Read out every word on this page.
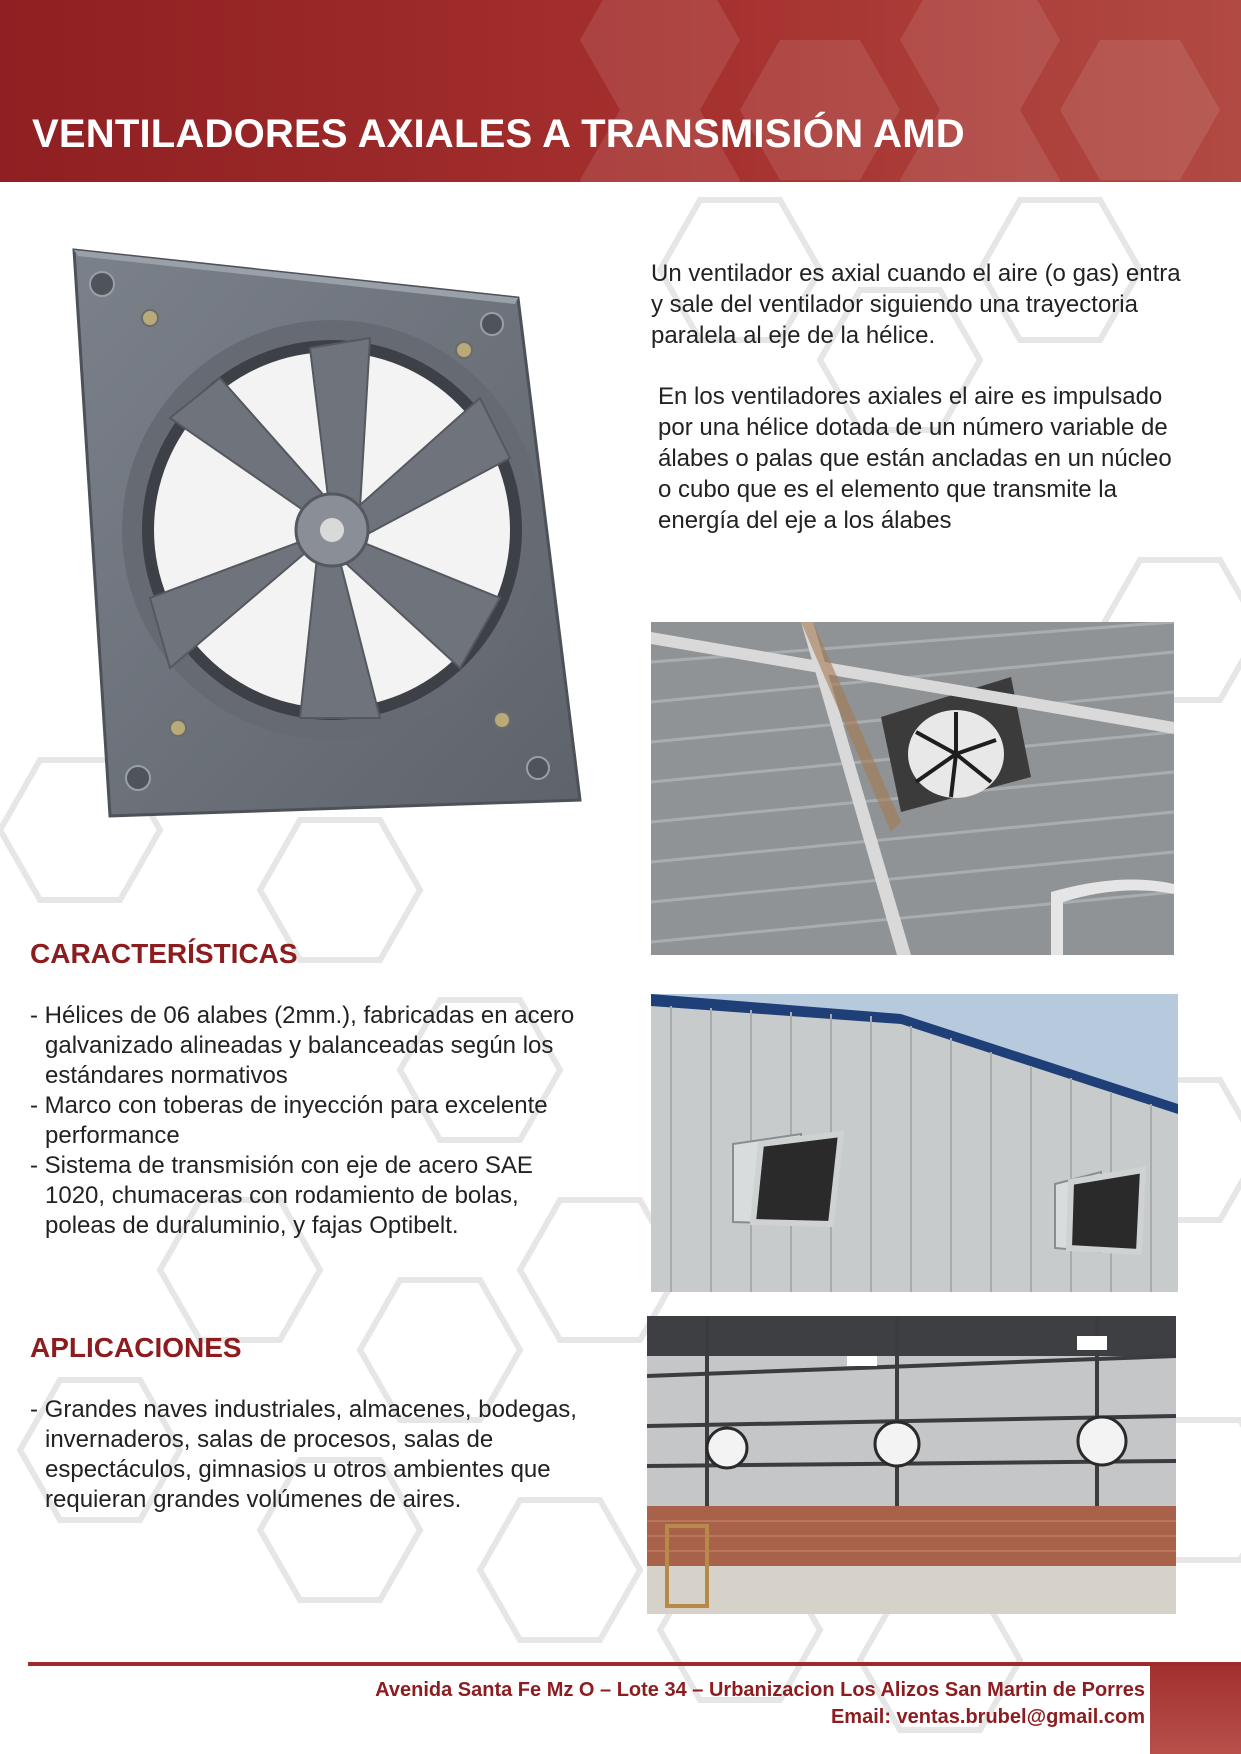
VENTILADORES AXIALES A TRANSMISIÓN AMD

Un ventilador es axial cuando el aire (o gas) entra y sale del ventilador siguiendo una trayectoria paralela al eje de la hélice.

En los ventiladores axiales el aire es impulsado por una hélice dotada de un número variable de álabes o palas que están ancladas en un núcleo o cubo que es el elemento que transmite la energía del eje a los álabes

CARACTERÍSTICAS
- Hélices de 06 alabes (2mm.), fabricadas en acero galvanizado alineadas y balanceadas según los estándares normativos
- Marco con toberas de inyección para excelente performance
- Sistema de transmisión con eje de acero SAE 1020, chumaceras con rodamiento de bolas, poleas de duraluminio, y fajas Optibelt.
APLICACIONES
- Grandes naves industriales, almacenes, bodegas, invernaderos, salas de procesos, salas de espectáculos, gimnasios u otros ambientes que requieran grandes volúmenes de aires.
Avenida Santa Fe Mz O – Lote 34 – Urbanizacion Los Alizos San Martin de Porres
Email: ventas.brubel@gmail.com
